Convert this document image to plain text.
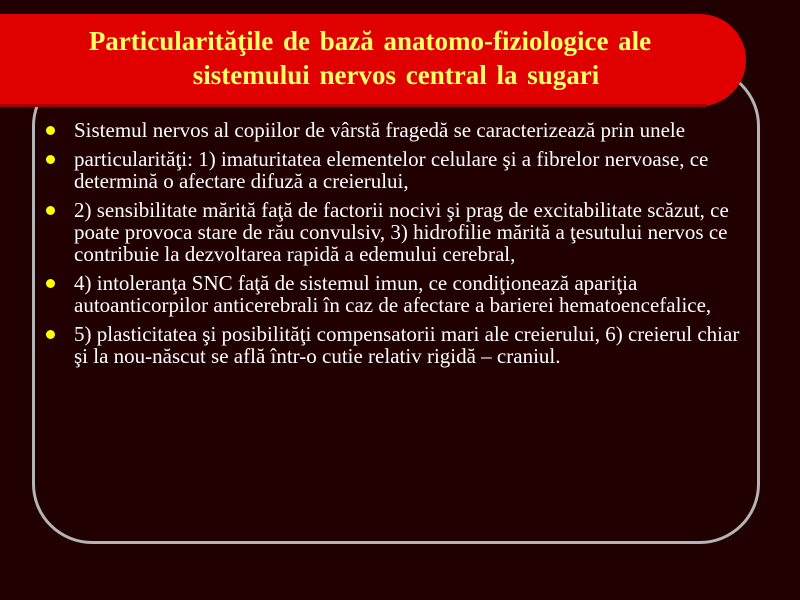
Particularităţile de bază anatomo-fiziologice ale
sistemului nervos central la sugari
Sistemul nervos al copiilor de vârstă fragedă se caracterizează prin unele
particularităţi: 1) imaturitatea elementelor celulare şi a fibrelor nervoase, ce determină o afectare difuză a creierului,
2) sensibilitate mărită faţă de factorii nocivi şi prag de excitabilitate scăzut, ce poate provoca stare de rău convulsiv, 3) hidrofilie mărită a ţesutului nervos ce contribuie la dezvoltarea rapidă a edemului cerebral,
4) intoleranţa SNC faţă de sistemul imun, ce condiţionează apariţia autoanticorpilor anticerebrali în caz de afectare a barierei hematoencefalice,
5) plasticitatea şi posibilităţi compensatorii mari ale creierului, 6) creierul chiar şi la nou-născut se află într-o cutie relativ rigidă – craniul.
